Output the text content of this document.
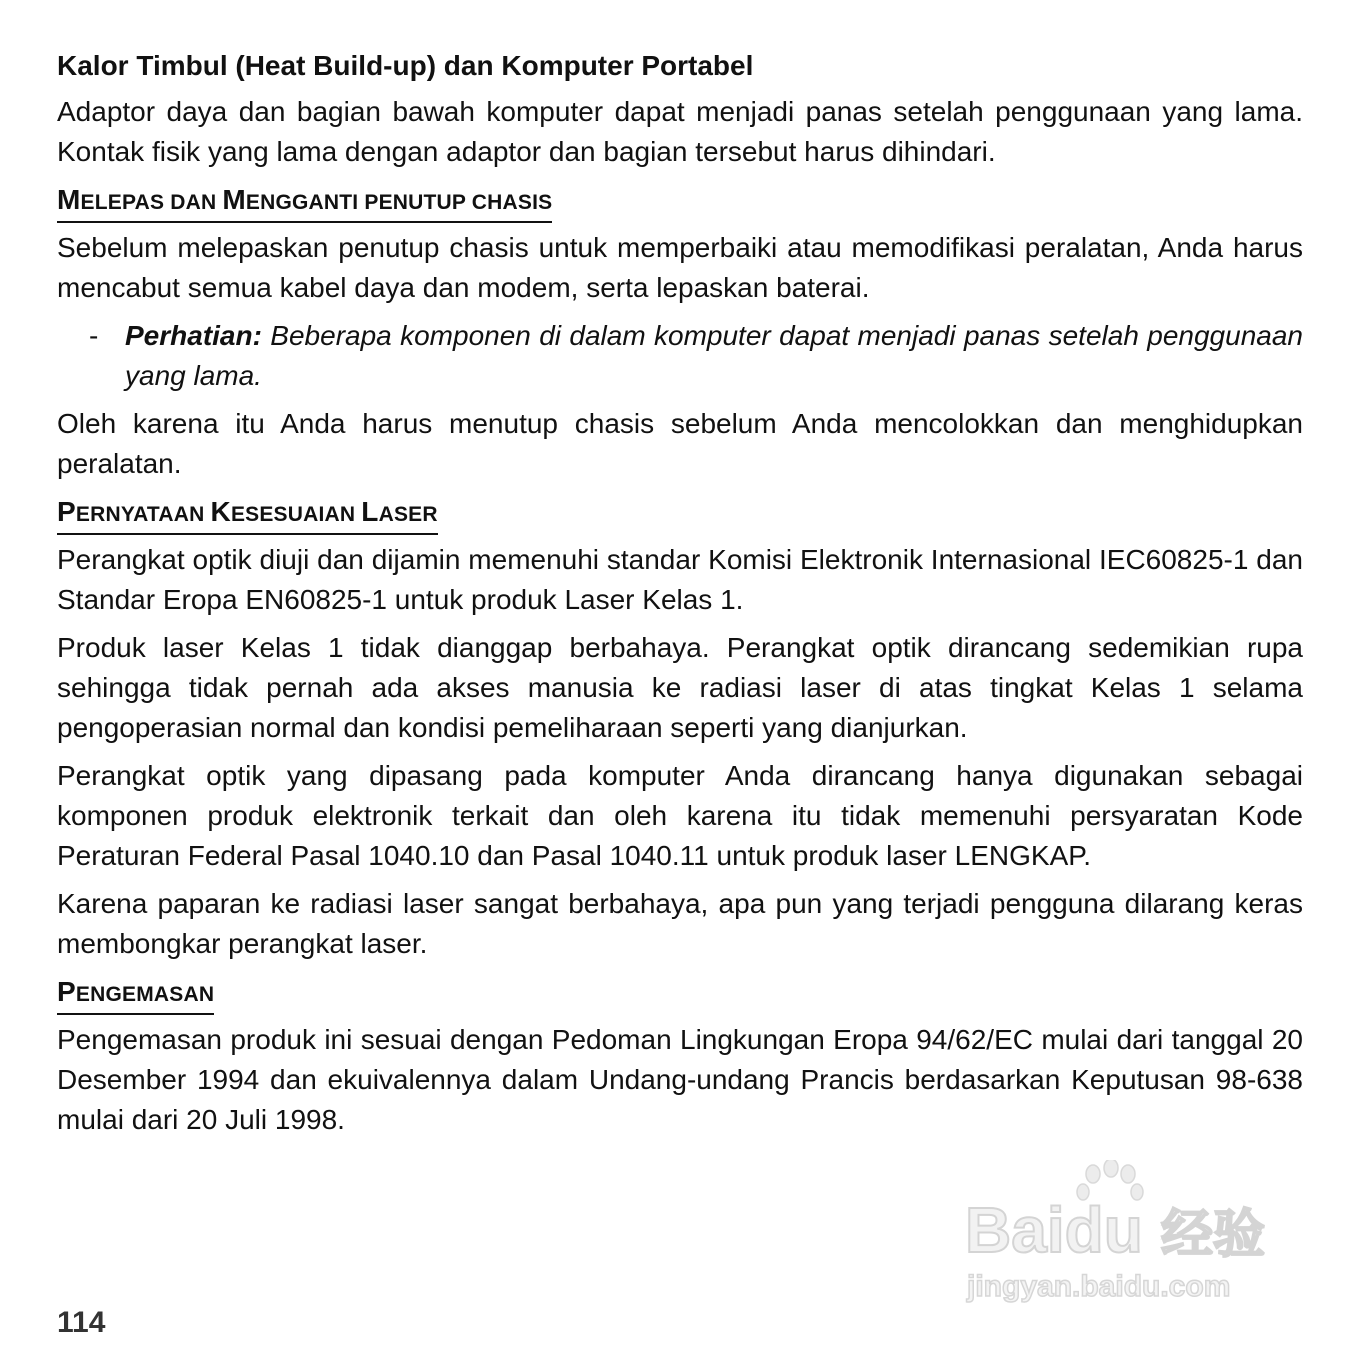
Kalor Timbul (Heat Build-up) dan Komputer Portabel

Adaptor daya dan bagian bawah komputer dapat menjadi panas setelah penggunaan yang lama. Kontak fisik yang lama dengan adaptor dan bagian tersebut harus dihindari.

MELEPAS DAN MENGGANTI PENUTUP CHASIS

Sebelum melepaskan penutup chasis untuk memperbaiki atau memodifikasi peralatan, Anda harus mencabut semua kabel daya dan modem, serta lepaskan baterai.

- Perhatian: Beberapa komponen di dalam komputer dapat menjadi panas setelah penggunaan yang lama.

Oleh karena itu Anda harus menutup chasis sebelum Anda mencolokkan dan menghidupkan peralatan.

PERNYATAAN KESESUAIAN LASER

Perangkat optik diuji dan dijamin memenuhi standar Komisi Elektronik Internasional IEC60825-1 dan Standar Eropa EN60825-1 untuk produk Laser Kelas 1.

Produk laser Kelas 1 tidak dianggap berbahaya. Perangkat optik dirancang sedemikian rupa sehingga tidak pernah ada akses manusia ke radiasi laser di atas tingkat Kelas 1 selama pengoperasian normal dan kondisi pemeliharaan seperti yang dianjurkan.

Perangkat optik yang dipasang pada komputer Anda dirancang hanya digunakan sebagai komponen produk elektronik terkait dan oleh karena itu tidak memenuhi persyaratan Kode Peraturan Federal Pasal 1040.10 dan Pasal 1040.11 untuk produk laser LENGKAP.

Karena paparan ke radiasi laser sangat berbahaya, apa pun yang terjadi pengguna dilarang keras membongkar perangkat laser.

PENGEMASAN

Pengemasan produk ini sesuai dengan Pedoman Lingkungan Eropa 94/62/EC mulai dari tanggal 20 Desember 1994 dan ekuivalennya dalam Undang-undang Prancis berdasarkan Keputusan 98-638 mulai dari 20 Juli 1998.

114
Baidu 经验
jingyan.baidu.com
